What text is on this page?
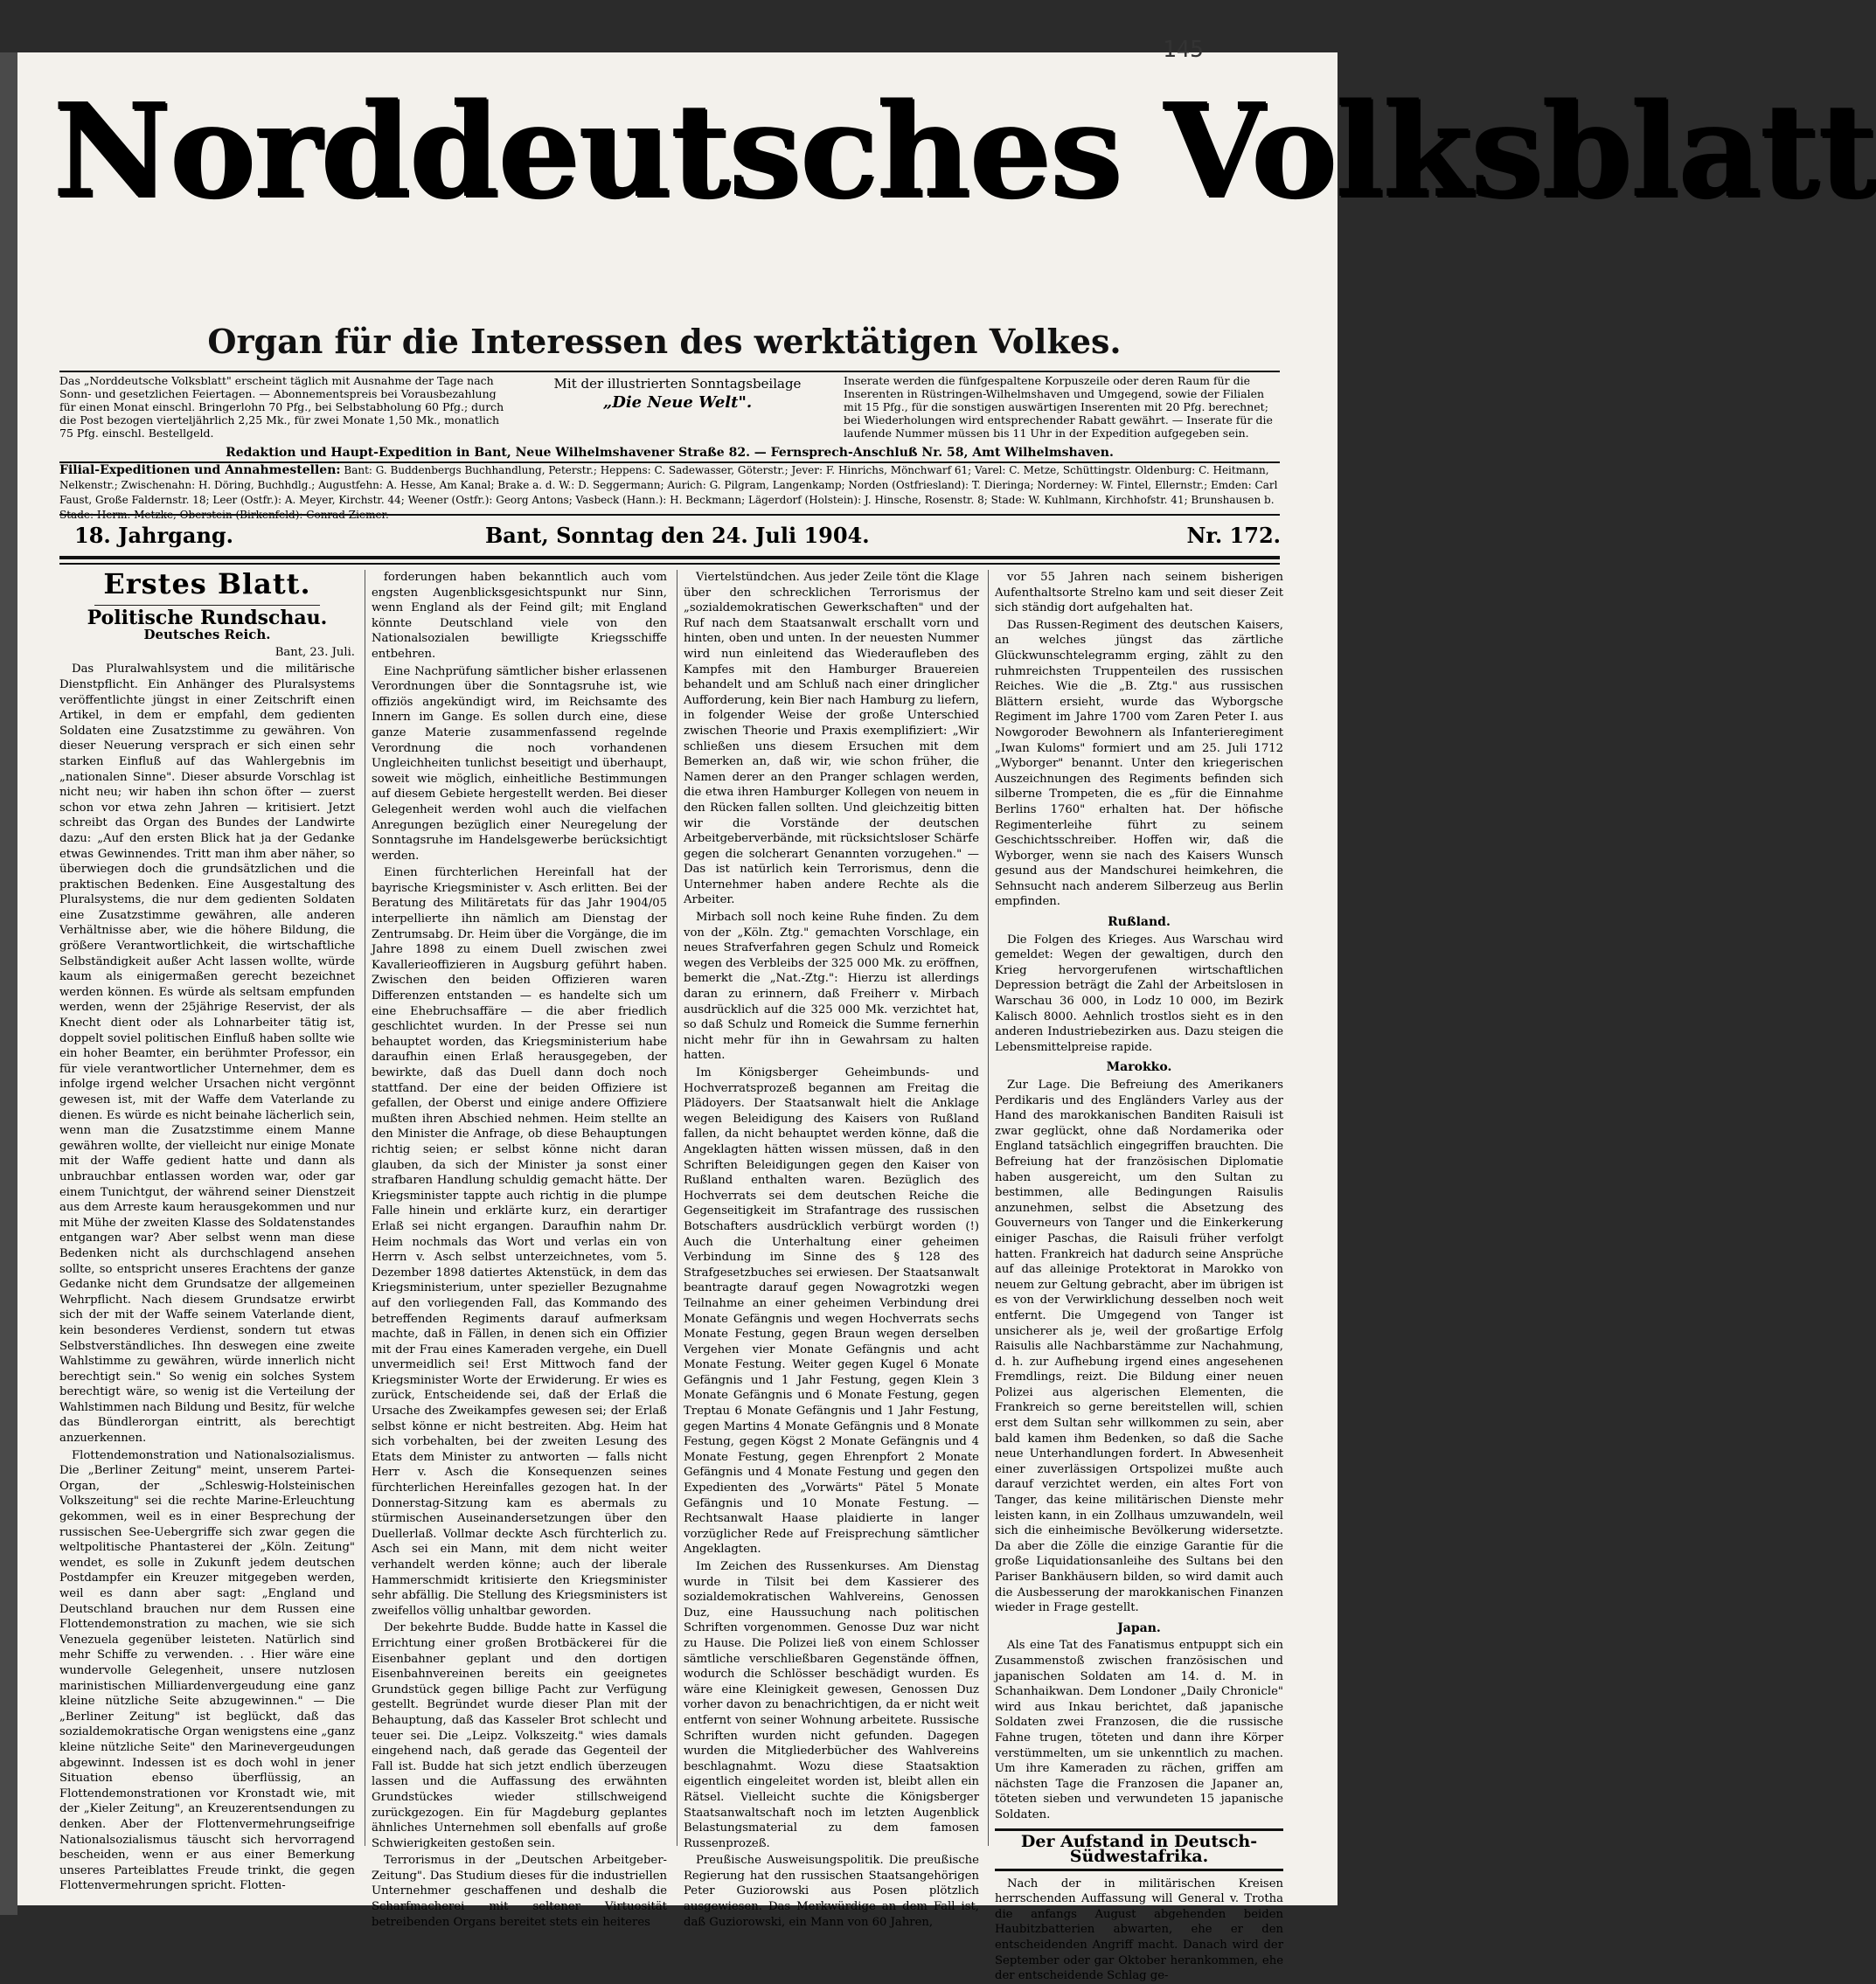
145
Norddeutsches Volksblatt
Organ für die Interessen des werktätigen Volkes.
Das „Norddeutsche Volksblatt" erscheint täglich mit Ausnahme der Tage nach Sonn- und gesetzlichen Feiertagen. — Abonnementspreis bei Vorausbezahlung für einen Monat einschl. Bringerlohn 70 Pfg., bei Selbstabholung 60 Pfg.; durch die Post bezogen vierteljährlich 2,25 Mk., für zwei Monate 1,50 Mk., monatlich 75 Pfg. einschl. Bestellgeld.
Mit der illustrierten Sonntagsbeilage
„Die Neue Welt".
Inserate werden die fünfgespaltene Korpuszeile oder deren Raum für die Inserenten in Rüstringen-Wilhelmshaven und Umgegend, sowie der Filialen mit 15 Pfg., für die sonstigen auswärtigen Inserenten mit 20 Pfg. berechnet; bei Wiederholungen wird entsprechender Rabatt gewährt. — Inserate für die laufende Nummer müssen bis 11 Uhr in der Expedition aufgegeben sein.
Redaktion und Haupt-Expedition in Bant, Neue Wilhelmshavener Straße 82. — Fernsprech-Anschluß Nr. 58, Amt Wilhelmshaven.
Filial-Expeditionen und Annahmestellen: Bant: G. Buddenbergs Buchhandlung, Peterstr.; Heppens: C. Sadewasser, Göterstr.; Jever: F. Hinrichs, Mönchwarf 61; Varel: C. Metze, Schüttingstr. Oldenburg: C. Heitmann, Nelkenstr.; Zwischenahn: H. Döring, Buchhdlg.; Augustfehn: A. Hesse, Am Kanal; Brake a. d. W.: D. Seggermann; Aurich: G. Pilgram, Langenkamp; Norden (Ostfriesland): T. Dieringa; Norderney: W. Fintel, Ellernstr.; Emden: Carl Faust, Große Faldernstr. 18; Leer (Ostfr.): A. Meyer, Kirchstr. 44; Weener (Ostfr.): Georg Antons; Vasbeck (Hann.): H. Beckmann; Lägerdorf (Holstein): J. Hinsche, Rosenstr. 8; Stade: W. Kuhlmann, Kirchhofstr. 41; Brunshausen b. Stade: Herm. Metzke, Oberstein (Birkenfeld): Conrad Ziemer.
18. Jahrgang.	Bant, Sonntag den 24. Juli 1904.	Nr. 172.
Erstes Blatt.
Politische Rundschau.
Deutsches Reich.
Bant, 23. Juli.

Das Pluralwahlsystem und die militärische Dienstpflicht. Ein Anhänger des Pluralsystems veröffentlichte jüngst in einer Zeitschrift einen Artikel, in dem er empfahl, dem gedienten Soldaten eine Zusatzstimme zu gewähren. Von dieser Neuerung versprach er sich einen sehr starken Einfluß auf das Wahlergebnis im „nationalen Sinne". Dieser absurde Vorschlag ist nicht neu; wir haben ihn schon öfter — zuerst schon vor etwa zehn Jahren — kritisiert. Jetzt schreibt das Organ des Bundes der Landwirte dazu: „Auf den ersten Blick hat ja der Gedanke etwas Gewinnendes. Tritt man ihm aber näher, so überwiegen doch die grundsätzlichen und die praktischen Bedenken. Eine Ausgestaltung des Pluralsystems, die nur dem gedienten Soldaten eine Zusatzstimme gewähren, alle anderen Verhältnisse aber, wie die höhere Bildung, die größere Verantwortlichkeit, die wirtschaftliche Selbständigkeit außer Acht lassen wollte, würde kaum als einigermaßen gerecht bezeichnet werden können. Es würde als seltsam empfunden werden, wenn der 25jährige Reservist, der als Knecht dient oder als Lohnarbeiter tätig ist, doppelt soviel politischen Einfluß haben sollte wie ein hoher Beamter, ein berühmter Professor, ein für viele verantwortlicher Unternehmer, dem es infolge irgend welcher Ursachen nicht vergönnt gewesen ist, mit der Waffe dem Vaterlande zu dienen. Es würde es nicht beinahe lächerlich sein, wenn man die Zusatzstimme einem Manne gewähren wollte, der vielleicht nur einige Monate mit der Waffe gedient hatte und dann als unbrauchbar entlassen worden war, oder gar einem Tunichtgut, der während seiner Dienstzeit aus dem Arreste kaum herausgekommen und nur mit Mühe der zweiten Klasse des Soldatenstandes entgangen war? Aber selbst wenn man diese Bedenken nicht als durchschlagend ansehen sollte, so entspricht unseres Erachtens der ganze Gedanke nicht dem Grundsatze der allgemeinen Wehrpflicht. Nach diesem Grundsatze erwirbt sich der mit der Waffe seinem Vaterlande dient, kein besonderes Verdienst, sondern tut etwas Selbstverständliches. Ihn deswegen eine zweite Wahlstimme zu gewähren, würde innerlich nicht berechtigt sein." So wenig ein solches System berechtigt wäre, so wenig ist die Verteilung der Wahlstimmen nach Bildung und Besitz, für welche das Bündlerorgan eintritt, als berechtigt anzuerkennen.

Flottendemonstration und Nationalsozialismus. Die „Berliner Zeitung" meint, unserem Partei-Organ, der „Schleswig-Holsteinischen Volkszeitung" sei die rechte Marine-Erleuchtung gekommen, weil es in einer Besprechung der russischen See-Uebergriffe sich zwar gegen die weltpolitische Phantasterei der „Köln. Zeitung" wendet, es solle in Zukunft jedem deutschen Postdampfer ein Kreuzer mitgegeben werden, weil es dann aber sagt: „England und Deutschland brauchen nur dem Russen eine Flottendemonstration zu machen, wie sie sich Venezuela gegenüber leisteten. Natürlich sind mehr Schiffe zu verwenden. . . Hier wäre eine wundervolle Gelegenheit, unsere nutzlosen marinistischen Milliardenvergeudung eine ganz kleine nützliche Seite abzugewinnen." — Die „Berliner Zeitung" ist beglückt, daß das sozialdemokratische Organ wenigstens eine „ganz kleine nützliche Seite" den Marinevergeudungen abgewinnt. Indessen ist es doch wohl in jener Situation ebenso überflüssig, an Flottendemonstrationen vor Kronstadt wie, mit der „Kieler Zeitung", an Kreuzerentsendungen zu denken. Aber der Flottenvermehrungseifrige Nationalsozialismus täuscht sich hervorragend bescheiden, wenn er aus einer Bemerkung unseres Parteiblattes Freude trinkt, die gegen Flottenvermehrungen spricht. Flotten-

forderungen haben bekanntlich auch vom engsten Augenblicksgesichtspunkt nur Sinn, wenn England als der Feind gilt; mit England könnte Deutschland viele von den Nationalsozialen bewilligte Kriegsschiffe entbehren.

Eine Nachprüfung sämtlicher bisher erlassenen Verordnungen über die Sonntagsruhe ist, wie offiziös angekündigt wird, im Reichsamte des Innern im Gange. Es sollen durch eine, diese ganze Materie zusammenfassend regelnde Verordnung die noch vorhandenen Ungleichheiten tunlichst beseitigt und überhaupt, soweit wie möglich, einheitliche Bestimmungen auf diesem Gebiete hergestellt werden. Bei dieser Gelegenheit werden wohl auch die vielfachen Anregungen bezüglich einer Neuregelung der Sonntagsruhe im Handelsgewerbe berücksichtigt werden.

Einen fürchterlichen Hereinfall hat der bayrische Kriegsminister v. Asch erlitten. Bei der Beratung des Militäretats für das Jahr 1904/05 interpellierte ihn nämlich am Dienstag der Zentrumsabg. Dr. Heim über die Vorgänge, die im Jahre 1898 zu einem Duell zwischen zwei Kavallerieoffizieren in Augsburg geführt haben. Zwischen den beiden Offizieren waren Differenzen entstanden — es handelte sich um eine Ehebruchsaffäre — die aber friedlich geschlichtet wurden. In der Presse sei nun behauptet worden, das Kriegsministerium habe daraufhin einen Erlaß herausgegeben, der bewirkte, daß das Duell dann doch noch stattfand. Der eine der beiden Offiziere ist gefallen, der Oberst und einige andere Offiziere mußten ihren Abschied nehmen. Heim stellte an den Minister die Anfrage, ob diese Behauptungen richtig seien; er selbst könne nicht daran glauben, da sich der Minister ja sonst einer strafbaren Handlung schuldig gemacht hätte. Der Kriegsminister tappte auch richtig in die plumpe Falle hinein und erklärte kurz, ein derartiger Erlaß sei nicht ergangen. Daraufhin nahm Dr. Heim nochmals das Wort und verlas ein von Herrn v. Asch selbst unterzeichnetes, vom 5. Dezember 1898 datiertes Aktenstück, in dem das Kriegsministerium, unter spezieller Bezugnahme auf den vorliegenden Fall, das Kommando des betreffenden Regiments darauf aufmerksam machte, daß in Fällen, in denen sich ein Offizier mit der Frau eines Kameraden vergehe, ein Duell unvermeidlich sei! Erst Mittwoch fand der Kriegsminister Worte der Erwiderung. Er wies es zurück, Entscheidende sei, daß der Erlaß die Ursache des Zweikampfes gewesen sei; der Erlaß selbst könne er nicht bestreiten. Abg. Heim hat sich vorbehalten, bei der zweiten Lesung des Etats dem Minister zu antworten — falls nicht Herr v. Asch die Konsequenzen seines fürchterlichen Hereinfalles gezogen hat. In der Donnerstag-Sitzung kam es abermals zu stürmischen Auseinandersetzungen über den Duellerlaß. Vollmar deckte Asch fürchterlich zu. Asch sei ein Mann, mit dem nicht weiter verhandelt werden könne; auch der liberale Hammerschmidt kritisierte den Kriegsminister sehr abfällig. Die Stellung des Kriegsministers ist zweifellos völlig unhaltbar geworden.

Der bekehrte Budde. Budde hatte in Kassel die Errichtung einer großen Brotbäckerei für die Eisenbahner geplant und den dortigen Eisenbahnvereinen bereits ein geeignetes Grundstück gegen billige Pacht zur Verfügung gestellt. Begründet wurde dieser Plan mit der Behauptung, daß das Kasseler Brot schlecht und teuer sei. Die „Leipz. Volkszeitg." wies damals eingehend nach, daß gerade das Gegenteil der Fall ist. Budde hat sich jetzt endlich überzeugen lassen und die Auffassung des erwähnten Grundstückes wieder stillschweigend zurückgezogen. Ein für Magdeburg geplantes ähnliches Unternehmen soll ebenfalls auf große Schwierigkeiten gestoßen sein.

Terrorismus in der „Deutschen Arbeitgeber-Zeitung". Das Studium dieses für die industriellen Unternehmer geschaffenen und deshalb die Scharfmacherei mit seltener Virtuosität betreibenden Organs bereitet stets ein heiteres

Viertelstündchen. Aus jeder Zeile tönt die Klage über den schrecklichen Terrorismus der „sozialdemokratischen Gewerkschaften" und der Ruf nach dem Staatsanwalt erschallt vorn und hinten, oben und unten. In der neuesten Nummer wird nun einleitend das Wiederaufleben des Kampfes mit den Hamburger Brauereien behandelt und am Schluß nach einer dringlicher Aufforderung, kein Bier nach Hamburg zu liefern, in folgender Weise der große Unterschied zwischen Theorie und Praxis exemplifiziert: „Wir schließen uns diesem Ersuchen mit dem Bemerken an, daß wir, wie schon früher, die Namen derer an den Pranger schlagen werden, die etwa ihren Hamburger Kollegen von neuem in den Rücken fallen sollten. Und gleichzeitig bitten wir die Vorstände der deutschen Arbeitgeberverbände, mit rücksichtsloser Schärfe gegen die solcherart Genannten vorzugehen." — Das ist natürlich kein Terrorismus, denn die Unternehmer haben andere Rechte als die Arbeiter.

Mirbach soll noch keine Ruhe finden. Zu dem von der „Köln. Ztg." gemachten Vorschlage, ein neues Strafverfahren gegen Schulz und Romeick wegen des Verbleibs der 325 000 Mk. zu eröffnen, bemerkt die „Nat.-Ztg.": Hierzu ist allerdings daran zu erinnern, daß Freiherr v. Mirbach ausdrücklich auf die 325 000 Mk. verzichtet hat, so daß Schulz und Romeick die Summe fernerhin nicht mehr für ihn in Gewahrsam zu halten hatten.

Im Königsberger Geheimbunds- und Hochverratsprozeß begannen am Freitag die Plädoyers. Der Staatsanwalt hielt die Anklage wegen Beleidigung des Kaisers von Rußland fallen, da nicht behauptet werden könne, daß die Angeklagten hätten wissen müssen, daß in den Schriften Beleidigungen gegen den Kaiser von Rußland enthalten waren. Bezüglich des Hochverrats sei dem deutschen Reiche die Gegenseitigkeit im Strafantrage des russischen Botschafters ausdrücklich verbürgt worden (!) Auch die Unterhaltung einer geheimen Verbindung im Sinne des § 128 des Strafgesetzbuches sei erwiesen. Der Staatsanwalt beantragte darauf gegen Nowagrotzki wegen Teilnahme an einer geheimen Verbindung drei Monate Gefängnis und wegen Hochverrats sechs Monate Festung, gegen Braun wegen derselben Vergehen vier Monate Gefängnis und acht Monate Festung. Weiter gegen Kugel 6 Monate Gefängnis und 1 Jahr Festung, gegen Klein 3 Monate Gefängnis und 6 Monate Festung, gegen Treptau 6 Monate Gefängnis und 1 Jahr Festung, gegen Martins 4 Monate Gefängnis und 8 Monate Festung, gegen Kögst 2 Monate Gefängnis und 4 Monate Festung, gegen Ehrenpfort 2 Monate Gefängnis und 4 Monate Festung und gegen den Expedienten des „Vorwärts" Pätel 5 Monate Gefängnis und 10 Monate Festung. — Rechtsanwalt Haase plaidierte in langer vorzüglicher Rede auf Freisprechung sämtlicher Angeklagten.

Im Zeichen des Russenkurses. Am Dienstag wurde in Tilsit bei dem Kassierer des sozialdemokratischen Wahlvereins, Genossen Duz, eine Haussuchung nach politischen Schriften vorgenommen. Genosse Duz war nicht zu Hause. Die Polizei ließ von einem Schlosser sämtliche verschließbaren Gegenstände öffnen, wodurch die Schlösser beschädigt wurden. Es wäre eine Kleinigkeit gewesen, Genossen Duz vorher davon zu benachrichtigen, da er nicht weit entfernt von seiner Wohnung arbeitete. Russische Schriften wurden nicht gefunden. Dagegen wurden die Mitgliederbücher des Wahlvereins beschlagnahmt. Wozu diese Staatsaktion eigentlich eingeleitet worden ist, bleibt allen ein Rätsel. Vielleicht suchte die Königsberger Staatsanwaltschaft noch im letzten Augenblick Belastungsmaterial zu dem famosen Russenprozeß.

Preußische Ausweisungspolitik. Die preußische Regierung hat den russischen Staatsangehörigen Peter Guziorowski aus Posen plötzlich ausgewiesen. Das Merkwürdige an dem Fall ist, daß Guziorowski, ein Mann von 60 Jahren,

vor 55 Jahren nach seinem bisherigen Aufenthaltsorte Strelno kam und seit dieser Zeit sich ständig dort aufgehalten hat.

Das Russen-Regiment des deutschen Kaisers, an welches jüngst das zärtliche Glückwunschtelegramm erging, zählt zu den ruhmreichsten Truppenteilen des russischen Reiches. Wie die „B. Ztg." aus russischen Blättern ersieht, wurde das Wyborgsche Regiment im Jahre 1700 vom Zaren Peter I. aus Nowgoroder Bewohnern als Infanterieregiment „Iwan Kuloms" formiert und am 25. Juli 1712 „Wyborger" benannt. Unter den kriegerischen Auszeichnungen des Regiments befinden sich silberne Trompeten, die es „für die Einnahme Berlins 1760" erhalten hat. Der höfische Regimenterleihe führt zu seinem Geschichtsschreiber. Hoffen wir, daß die Wyborger, wenn sie nach des Kaisers Wunsch gesund aus der Mandschurei heimkehren, die Sehnsucht nach anderem Silberzeug aus Berlin empfinden.

Rußland.

Die Folgen des Krieges. Aus Warschau wird gemeldet: Wegen der gewaltigen, durch den Krieg hervorgerufenen wirtschaftlichen Depression beträgt die Zahl der Arbeitslosen in Warschau 36 000, in Lodz 10 000, im Bezirk Kalisch 8000. Aehnlich trostlos sieht es in den anderen Industriebezirken aus. Dazu steigen die Lebensmittelpreise rapide.

Marokko.

Zur Lage. Die Befreiung des Amerikaners Perdikaris und des Engländers Varley aus der Hand des marokkanischen Banditen Raisuli ist zwar geglückt, ohne daß Nordamerika oder England tatsächlich eingegriffen brauchten. Die Befreiung hat der französischen Diplomatie haben ausgereicht, um den Sultan zu bestimmen, alle Bedingungen Raisulis anzunehmen, selbst die Absetzung des Gouverneurs von Tanger und die Einkerkerung einiger Paschas, die Raisuli früher verfolgt hatten. Frankreich hat dadurch seine Ansprüche auf das alleinige Protektorat in Marokko von neuem zur Geltung gebracht, aber im übrigen ist es von der Verwirklichung desselben noch weit entfernt. Die Umgegend von Tanger ist unsicherer als je, weil der großartige Erfolg Raisulis alle Nachbarstämme zur Nachahmung, d. h. zur Aufhebung irgend eines angesehenen Fremdlings, reizt. Die Bildung einer neuen Polizei aus algerischen Elementen, die Frankreich so gerne bereitstellen will, schien erst dem Sultan sehr willkommen zu sein, aber bald kamen ihm Bedenken, so daß die Sache neue Unterhandlungen fordert. In Abwesenheit einer zuverlässigen Ortspolizei mußte auch darauf verzichtet werden, ein altes Fort von Tanger, das keine militärischen Dienste mehr leisten kann, in ein Zollhaus umzuwandeln, weil sich die einheimische Bevölkerung widersetzte. Da aber die Zölle die einzige Garantie für die große Liquidationsanleihe des Sultans bei den Pariser Bankhäusern bilden, so wird damit auch die Ausbesserung der marokkanischen Finanzen wieder in Frage gestellt.

Japan.

Als eine Tat des Fanatismus entpuppt sich ein Zusammenstoß zwischen französischen und japanischen Soldaten am 14. d. M. in Schanhaikwan. Dem Londoner „Daily Chronicle" wird aus Inkau berichtet, daß japanische Soldaten zwei Franzosen, die die russische Fahne trugen, töteten und dann ihre Körper verstümmelten, um sie unkenntlich zu machen. Um ihre Kameraden zu rächen, griffen am nächsten Tage die Franzosen die Japaner an, töteten sieben und verwundeten 15 japanische Soldaten.

Der Aufstand in Deutsch-Südwestafrika.

Nach der in militärischen Kreisen herrschenden Auffassung will General v. Trotha die anfangs August abgehenden beiden Haubitzbatterien abwarten, ehe er den entscheidenden Angriff macht. Danach wird der September oder gar Oktober herankommen, ehe der entscheidende Schlag ge-
